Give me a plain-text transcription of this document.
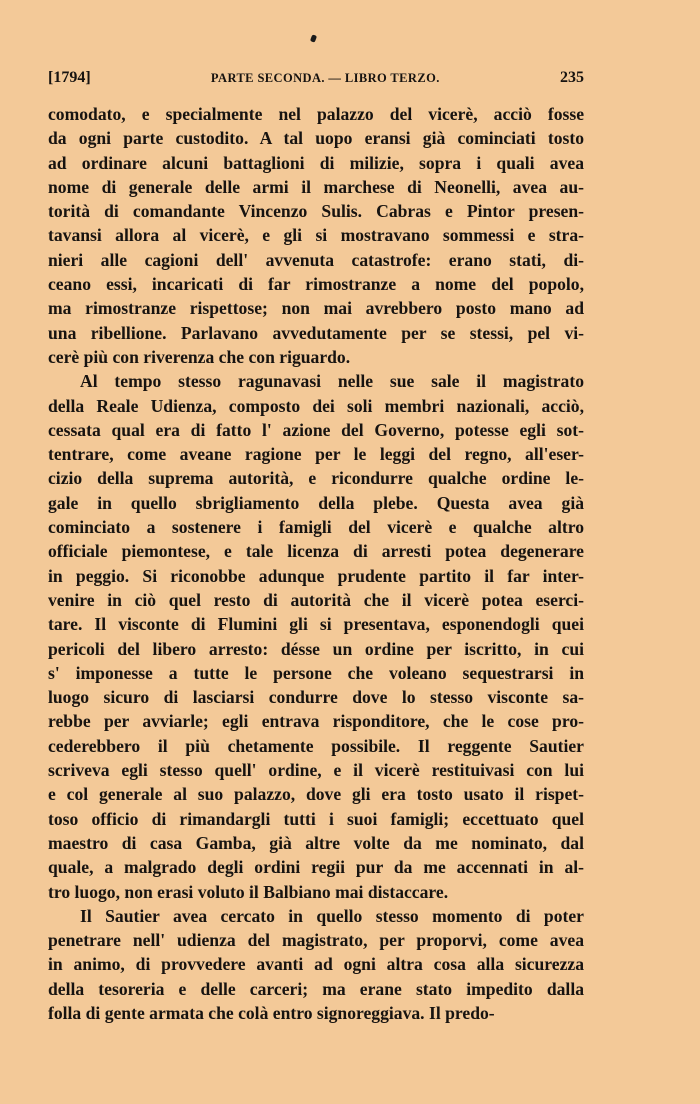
[1794]	PARTE SECONDA. — LIBRO TERZO.	235
comodato, e specialmente nel palazzo del vicerè, acciò fosse
da ogni parte custodito. A tal uopo eransi già cominciati tosto
ad ordinare alcuni battaglioni di milizie, sopra i quali avea
nome di generale delle armi il marchese di Neonelli, avea au-
torità di comandante Vincenzo Sulis. Cabras e Pintor presen-
tavansi allora al vicerè, e gli si mostravano sommessi e stra-
nieri alle cagioni dell' avvenuta catastrofe: erano stati, di-
ceano essi, incaricati di far rimostranze a nome del popolo,
ma rimostranze rispettose; non mai avrebbero posto mano ad
una ribellione. Parlavano avvedutamente per se stessi, pel vi-
cerè più con riverenza che con riguardo.
Al tempo stesso ragunavasi nelle sue sale il magistrato
della Reale Udienza, composto dei soli membri nazionali, acciò,
cessata qual era di fatto l' azione del Governo, potesse egli sot-
tentrare, come aveane ragione per le leggi del regno, all'eser-
cizio della suprema autorità, e ricondurre qualche ordine le-
gale in quello sbrigliamento della plebe. Questa avea già
cominciato a sostenere i famigli del vicerè e qualche altro
officiale piemontese, e tale licenza di arresti potea degenerare
in peggio. Si riconobbe adunque prudente partito il far inter-
venire in ciò quel resto di autorità che il vicerè potea eserci-
tare. Il visconte di Flumini gli si presentava, esponendogli quei
pericoli del libero arresto: désse un ordine per iscritto, in cui
s' imponesse a tutte le persone che voleano sequestrarsi in
luogo sicuro di lasciarsi condurre dove lo stesso visconte sa-
rebbe per avviarle; egli entrava risponditore, che le cose pro-
cederebbero il più chetamente possibile. Il reggente Sautier
scriveva egli stesso quell' ordine, e il vicerè restituivasi con lui
e col generale al suo palazzo, dove gli era tosto usato il rispet-
toso officio di rimandargli tutti i suoi famigli; eccettuato quel
maestro di casa Gamba, già altre volte da me nominato, dal
quale, a malgrado degli ordini regii pur da me accennati in al-
tro luogo, non erasi voluto il Balbiano mai distaccare.
Il Sautier avea cercato in quello stesso momento di poter
penetrare nell' udienza del magistrato, per proporvi, come avea
in animo, di provvedere avanti ad ogni altra cosa alla sicurezza
della tesoreria e delle carceri; ma erane stato impedito dalla
folla di gente armata che colà entro signoreggiava. Il predo-
